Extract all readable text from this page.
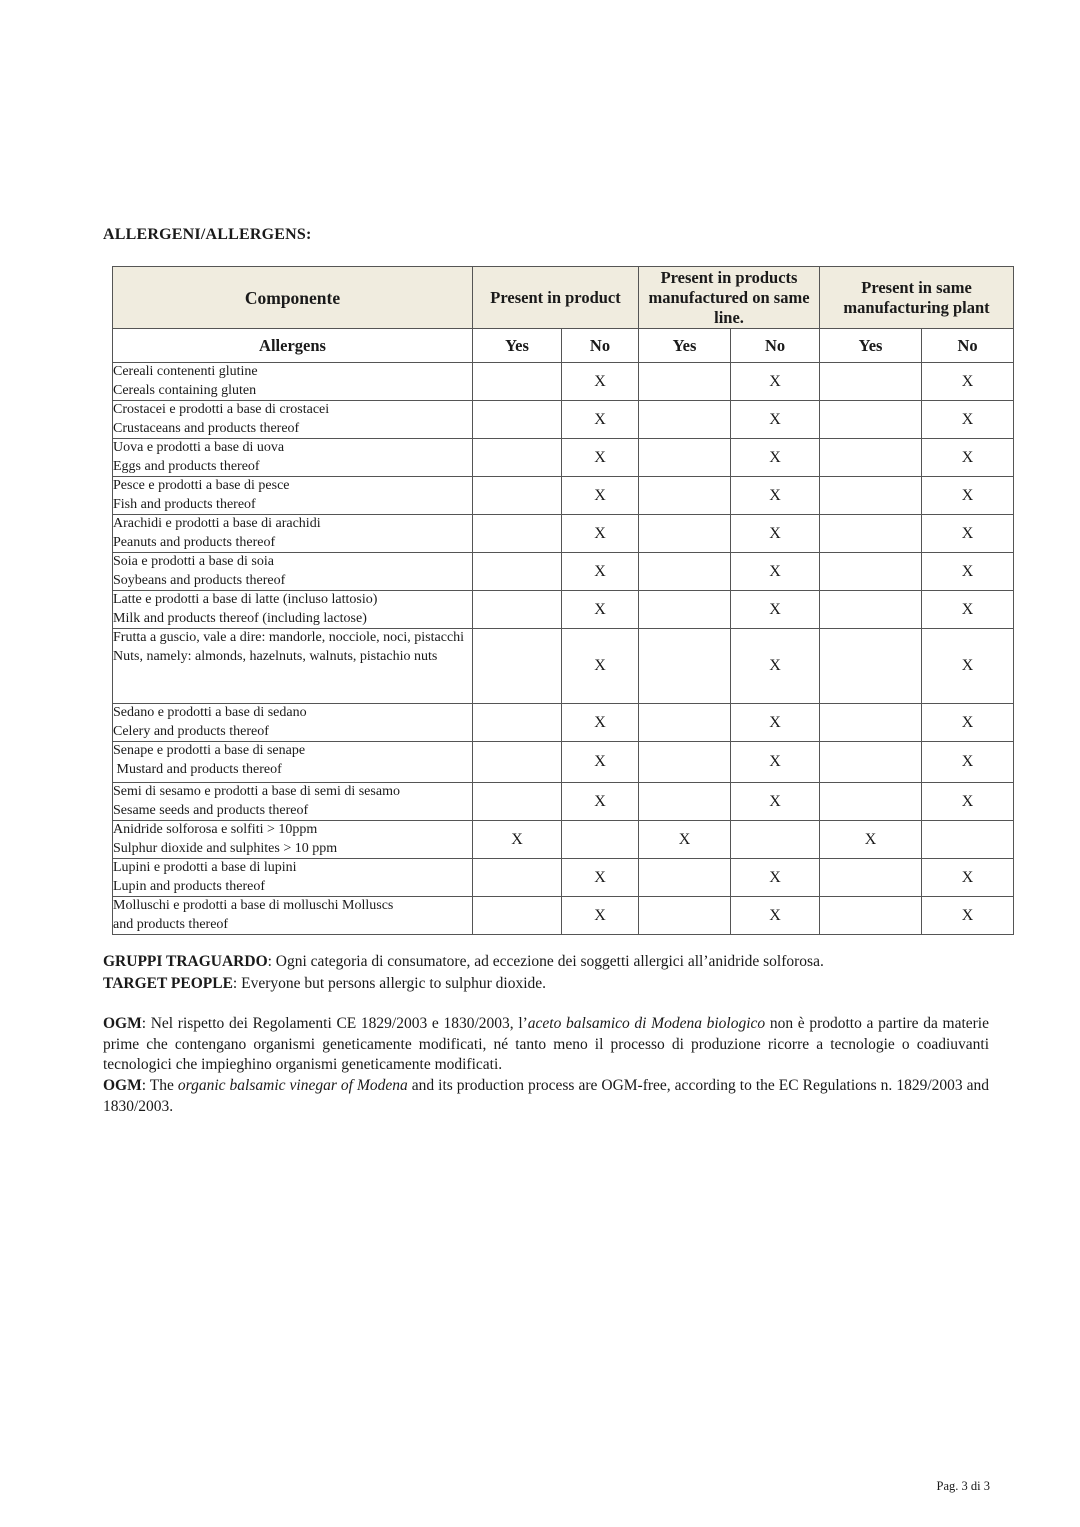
ALLERGENI/ALLERGENS:
Componente	Present in product		Present in products manufactured on same line.		Present in same manufacturing plant	
Allergens	Yes	No	Yes	No	Yes	No

Cereali contenenti glutine
Cereals containing gluten		X		X		X

Crostacei e prodotti a base di crostacei
Crustaceans and products thereof		X		X		X

Uova e prodotti a base di uova
Eggs and products thereof		X		X		X

Pesce e prodotti a base di pesce
Fish and products thereof		X		X		X

Arachidi e prodotti a base di arachidi
Peanuts and products thereof		X		X		X

Soia e prodotti a base di soia
Soybeans and products thereof		X		X		X

Latte e prodotti a base di latte (incluso lattosio)
Milk and products thereof (including lactose)		X		X		X

Frutta a guscio, vale a dire: mandorle, nocciole, noci, pistacchi
Nuts, namely: almonds, hazelnuts, walnuts, pistachio nuts		X		X		X

Sedano e prodotti a base di sedano
Celery and products thereof		X		X		X

Senape e prodotti a base di senape
Mustard and products thereof		X		X		X

Semi di sesamo e prodotti a base di semi di sesamo
Sesame seeds and products thereof		X		X		X

Anidride solforosa e solfiti > 10ppm
Sulphur dioxide and sulphites > 10 ppm	X		X		X	

Lupini e prodotti a base di lupini
Lupin and products thereof		X		X		X

Molluschi e prodotti a base di molluschi Molluscs
and products thereof		X		X		X
GRUPPI TRAGUARDO: Ogni categoria di consumatore, ad eccezione dei soggetti allergici all’anidride solforosa.
TARGET PEOPLE: Everyone but persons allergic to sulphur dioxide.
OGM: Nel rispetto dei Regolamenti CE 1829/2003 e 1830/2003, l’aceto balsamico di Modena biologico non è prodotto a partire da materie prime che contengano organismi geneticamente modificati, né tanto meno il processo di produzione ricorre a tecnologie o coadiuvanti tecnologici che impieghino organismi geneticamente modificati.
OGM: The organic balsamic vinegar of Modena and its production process are OGM-free, according to the EC Regulations n. 1829/2003 and 1830/2003.
Pag. 3 di 3
